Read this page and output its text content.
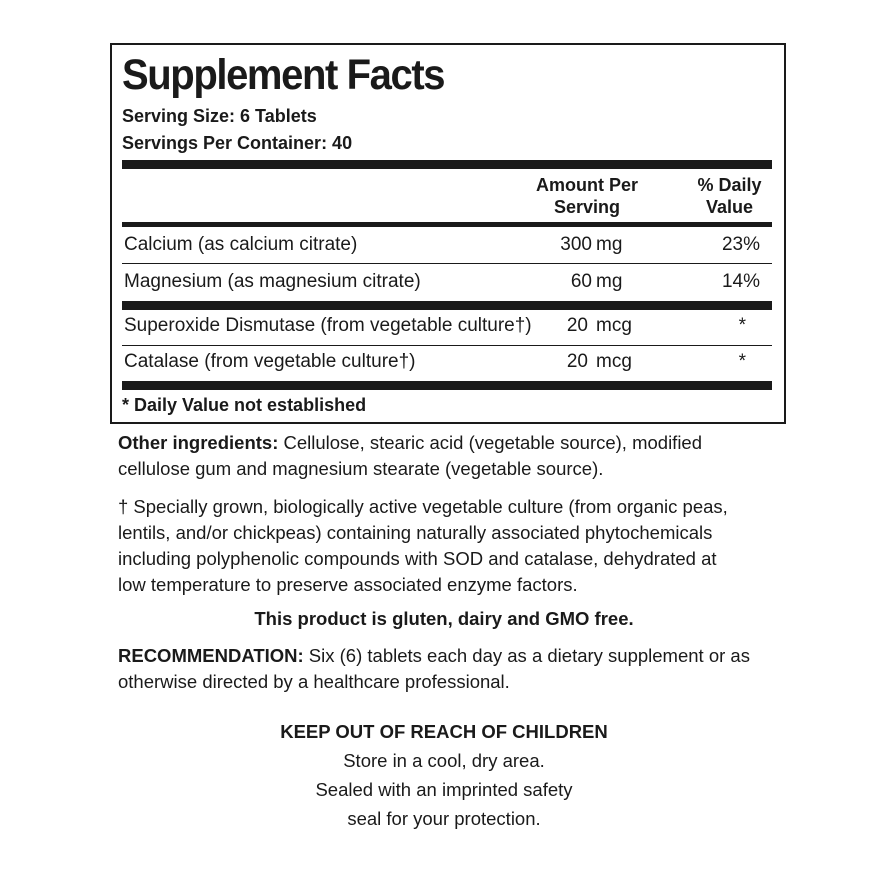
Supplement Facts
Serving Size: 6 Tablets
Servings Per Container: 40
Amount Per
Serving
% Daily
Value
Calcium (as calcium citrate)	300 mg	23%
Magnesium (as magnesium citrate)	60 mg	14%
Superoxide Dismutase (from vegetable culture†)	20 mcg	*
Catalase (from vegetable culture†)	20 mcg	*
* Daily Value not established
Other ingredients: Cellulose, stearic acid (vegetable source), modified
cellulose gum and magnesium stearate (vegetable source).
† Specially grown, biologically active vegetable culture (from organic peas,
lentils, and/or chickpeas) containing naturally associated phytochemicals
including polyphenolic compounds with SOD and catalase, dehydrated at
low temperature to preserve associated enzyme factors.
This product is gluten, dairy and GMO free.
RECOMMENDATION: Six (6) tablets each day as a dietary supplement or as
otherwise directed by a healthcare professional.
KEEP OUT OF REACH OF CHILDREN
Store in a cool, dry area.
Sealed with an imprinted safety
seal for your protection.
